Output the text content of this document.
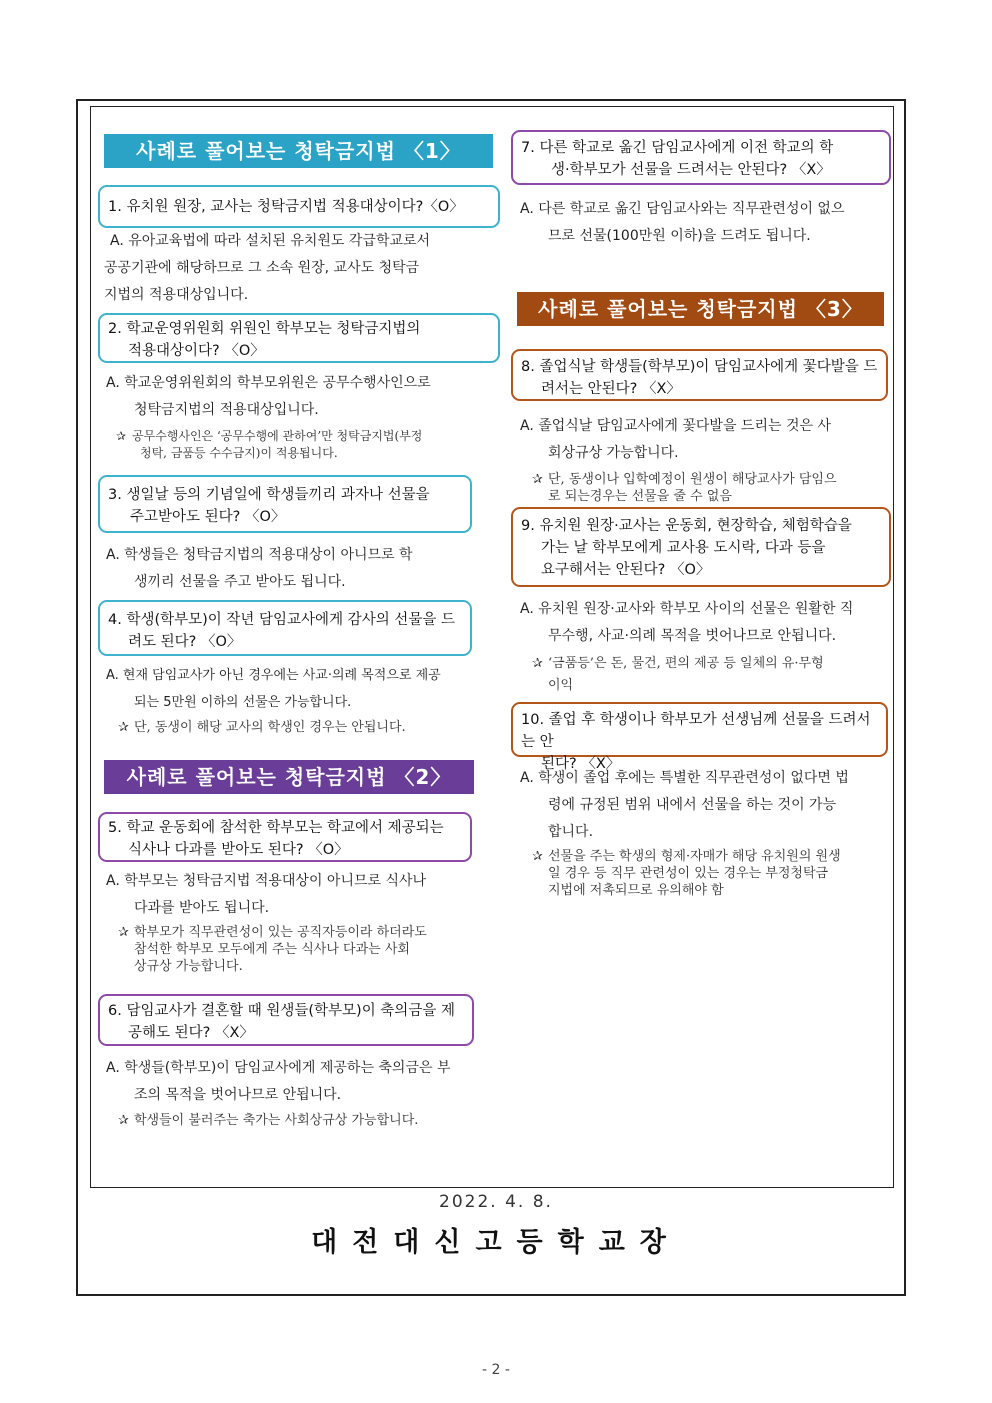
사례로 풀어보는 청탁금지법 〈1〉
1. 유치원 원장, 교사는 청탁금지법 적용대상이다?〈O〉
A. 유아교육법에 따라 설치된 유치원도 각급학교로서
공공기관에 해당하므로 그 소속 원장, 교사도 청탁금
지법의 적용대상입니다.
2. 학교운영위원회 위원인 학부모는 청탁금지법의
적용대상이다? 〈O〉
A. 학교운영위원회의 학부모위원은 공무수행사인으로
청탁금지법의 적용대상입니다.
✰ 공무수행사인은 ‘공무수행에 관하여’만 청탁금지법(부정
청탁, 금품등 수수금지)이 적용됩니다.
3. 생일날 등의 기념일에 학생들끼리 과자나 선물을
주고받아도 된다? 〈O〉
A. 학생들은 청탁금지법의 적용대상이 아니므로 학
생끼리 선물을 주고 받아도 됩니다.
4. 학생(학부모)이 작년 담임교사에게 감사의 선물을 드
려도 된다? 〈O〉
A. 현재 담임교사가 아닌 경우에는 사교·의례 목적으로 제공
되는 5만원 이하의 선물은 가능합니다.
✰ 단, 동생이 해당 교사의 학생인 경우는 안됩니다.
사례로 풀어보는 청탁금지법 〈2〉
5. 학교 운동회에 참석한 학부모는 학교에서 제공되는
식사나 다과를 받아도 된다? 〈O〉
A. 학부모는 청탁금지법 적용대상이 아니므로 식사나
다과를 받아도 됩니다.
✰ 학부모가 직무관련성이 있는 공직자등이라 하더라도
참석한 학부모 모두에게 주는 식사나 다과는 사회
상규상 가능합니다.
6. 담임교사가 결혼할 때 원생들(학부모)이 축의금을 제
공해도 된다? 〈X〉
A. 학생들(학부모)이 담임교사에게 제공하는 축의금은 부
조의 목적을 벗어나므로 안됩니다.
✰ 학생들이 불러주는 축가는 사회상규상 가능합니다.
7. 다른 학교로 옮긴 담임교사에게 이전 학교의 학
생·학부모가 선물을 드려서는 안된다? 〈X〉
A. 다른 학교로 옮긴 담임교사와는 직무관련성이 없으
므로 선물(100만원 이하)을 드려도 됩니다.
사례로 풀어보는 청탁금지법 〈3〉
8. 졸업식날 학생들(학부모)이 담임교사에게 꽃다발을 드
려서는 안된다? 〈X〉
A. 졸업식날 담임교사에게 꽃다발을 드리는 것은 사
회상규상 가능합니다.
✰ 단, 동생이나 입학예정이 원생이 해당교사가 담임으
로 되는경우는 선물을 줄 수 없음
9. 유치원 원장·교사는 운동회, 현장학습, 체험학습을
가는 날 학부모에게 교사용 도시락, 다과 등을
요구해서는 안된다? 〈O〉
A. 유치원 원장·교사와 학부모 사이의 선물은 원활한 직
무수행, 사교·의례 목적을 벗어나므로 안됩니다.
✰ ‘금품등’은 돈, 물건, 편의 제공 등 일체의 유·무형
이익
10. 졸업 후 학생이나 학부모가 선생님께 선물을 드려서는 안
된다? 〈X〉
A. 학생이 졸업 후에는 특별한 직무관련성이 없다면 법
령에 규정된 범위 내에서 선물을 하는 것이 가능
합니다.
✰ 선물을 주는 학생의 형제·자매가 해당 유치원의 원생
일 경우 등 직무 관련성이 있는 경우는 부정청탁금
지법에 저촉되므로 유의해야 함
2022. 4. 8.
대전대신고등학교장
- 2 -
